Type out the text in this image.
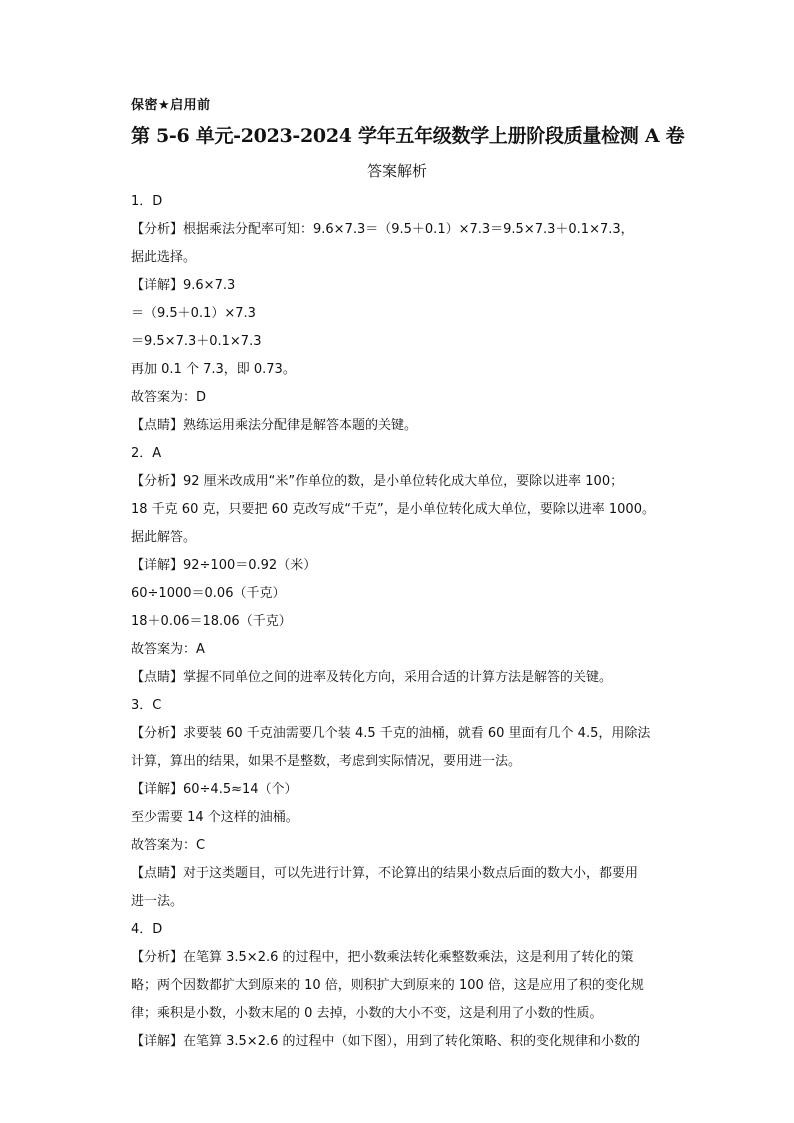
保密★启用前
第 5-6 单元-2023-2024 学年五年级数学上册阶段质量检测 A 卷
答案解析
1．D
【分析】根据乘法分配率可知：9.6×7.3＝（9.5＋0.1）×7.3＝9.5×7.3＋0.1×7.3，
据此选择。
【详解】9.6×7.3
＝（9.5＋0.1）×7.3
＝9.5×7.3＋0.1×7.3
再加 0.1 个 7.3，即 0.73。
故答案为：D
【点睛】熟练运用乘法分配律是解答本题的关键。
2．A
【分析】92 厘米改成用“米”作单位的数，是小单位转化成大单位，要除以进率 100；
18 千克 60 克，只要把 60 克改写成“千克”，是小单位转化成大单位，要除以进率 1000。
据此解答。
【详解】92÷100＝0.92（米）
60÷1000＝0.06（千克）
18＋0.06＝18.06（千克）
故答案为：A
【点睛】掌握不同单位之间的进率及转化方向，采用合适的计算方法是解答的关键。
3．C
【分析】求要装 60 千克油需要几个装 4.5 千克的油桶，就看 60 里面有几个 4.5，用除法
计算，算出的结果，如果不是整数，考虑到实际情况，要用进一法。
【详解】60÷4.5≈14（个）
至少需要 14 个这样的油桶。
故答案为：C
【点睛】对于这类题目，可以先进行计算，不论算出的结果小数点后面的数大小，都要用
进一法。
4．D
【分析】在笔算 3.5×2.6 的过程中，把小数乘法转化乘整数乘法，这是利用了转化的策
略；两个因数都扩大到原来的 10 倍，则积扩大到原来的 100 倍，这是应用了积的变化规
律；乘积是小数，小数末尾的 0 去掉，小数的大小不变，这是利用了小数的性质。
【详解】在笔算 3.5×2.6 的过程中（如下图），用到了转化策略、积的变化规律和小数的
